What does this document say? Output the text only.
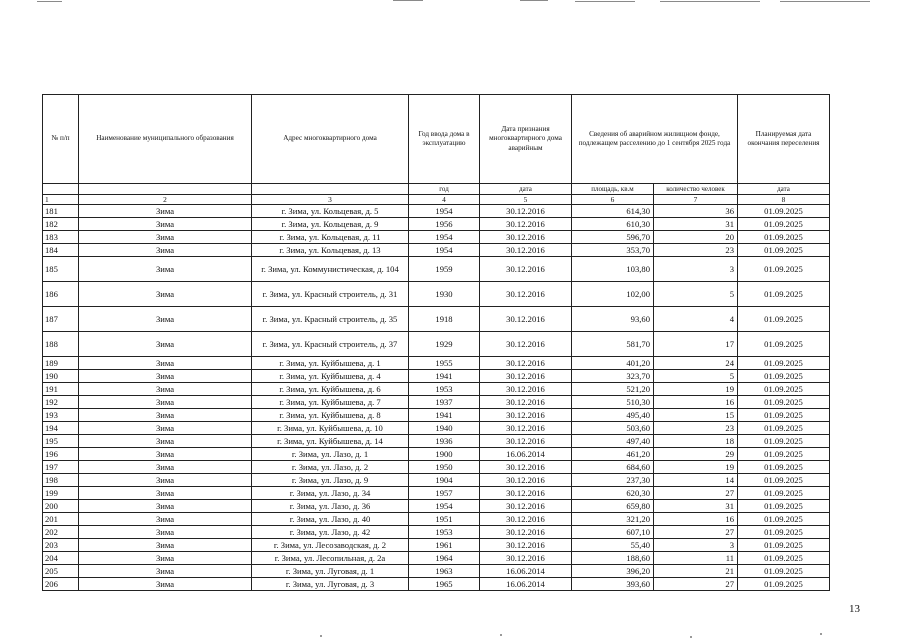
№ п/п	Наименование муниципального образования	Адрес многоквартирного дома	Год ввода дома в эксплуатацию	Дата признания многоквартирного дома аварийным	Сведения об аварийном жилищном фонде, подлежащем расселению до 1 сентября 2025 года		Планируемая дата окончания переселения
			год	дата	площадь, кв.м	количество человек	дата
1	2	3	4	5	6	7	8
181	Зима	г. Зима, ул. Кольцевая, д. 5	1954	30.12.2016	614,30	36	01.09.2025
182	Зима	г. Зима, ул. Кольцевая, д. 9	1956	30.12.2016	610,30	31	01.09.2025
183	Зима	г. Зима, ул. Кольцевая, д. 11	1954	30.12.2016	596,70	20	01.09.2025
184	Зима	г. Зима, ул. Кольцевая, д. 13	1954	30.12.2016	353,70	23	01.09.2025
185	Зима	г. Зима, ул. Коммунистическая, д. 104	1959	30.12.2016	103,80	3	01.09.2025
186	Зима	г. Зима, ул. Красный строитель, д. 31	1930	30.12.2016	102,00	5	01.09.2025
187	Зима	г. Зима, ул. Красный строитель, д. 35	1918	30.12.2016	93,60	4	01.09.2025
188	Зима	г. Зима, ул. Красный строитель, д. 37	1929	30.12.2016	581,70	17	01.09.2025
189	Зима	г. Зима, ул. Куйбышева, д. 1	1955	30.12.2016	401,20	24	01.09.2025
190	Зима	г. Зима, ул. Куйбышева, д. 4	1941	30.12.2016	323,70	5	01.09.2025
191	Зима	г. Зима, ул. Куйбышева, д. 6	1953	30.12.2016	521,20	19	01.09.2025
192	Зима	г. Зима, ул. Куйбышева, д. 7	1937	30.12.2016	510,30	16	01.09.2025
193	Зима	г. Зима, ул. Куйбышева, д. 8	1941	30.12.2016	495,40	15	01.09.2025
194	Зима	г. Зима, ул. Куйбышева, д. 10	1940	30.12.2016	503,60	23	01.09.2025
195	Зима	г. Зима, ул. Куйбышева, д. 14	1936	30.12.2016	497,40	18	01.09.2025
196	Зима	г. Зима, ул. Лазо, д. 1	1900	16.06.2014	461,20	29	01.09.2025
197	Зима	г. Зима, ул. Лазо, д. 2	1950	30.12.2016	684,60	19	01.09.2025
198	Зима	г. Зима, ул. Лазо, д. 9	1904	30.12.2016	237,30	14	01.09.2025
199	Зима	г. Зима, ул. Лазо, д. 34	1957	30.12.2016	620,30	27	01.09.2025
200	Зима	г. Зима, ул. Лазо, д. 36	1954	30.12.2016	659,80	31	01.09.2025
201	Зима	г. Зима, ул. Лазо, д. 40	1951	30.12.2016	321,20	16	01.09.2025
202	Зима	г. Зима, ул. Лазо, д. 42	1953	30.12.2016	607,10	27	01.09.2025
203	Зима	г. Зима, ул. Лесозаводская, д. 2	1961	30.12.2016	55,40	3	01.09.2025
204	Зима	г. Зима, ул. Лесопильная, д. 2а	1964	30.12.2016	188,60	11	01.09.2025
205	Зима	г. Зима, ул. Луговая, д. 1	1963	16.06.2014	396,20	21	01.09.2025
206	Зима	г. Зима, ул. Луговая, д. 3	1965	16.06.2014	393,60	27	01.09.2025
13
